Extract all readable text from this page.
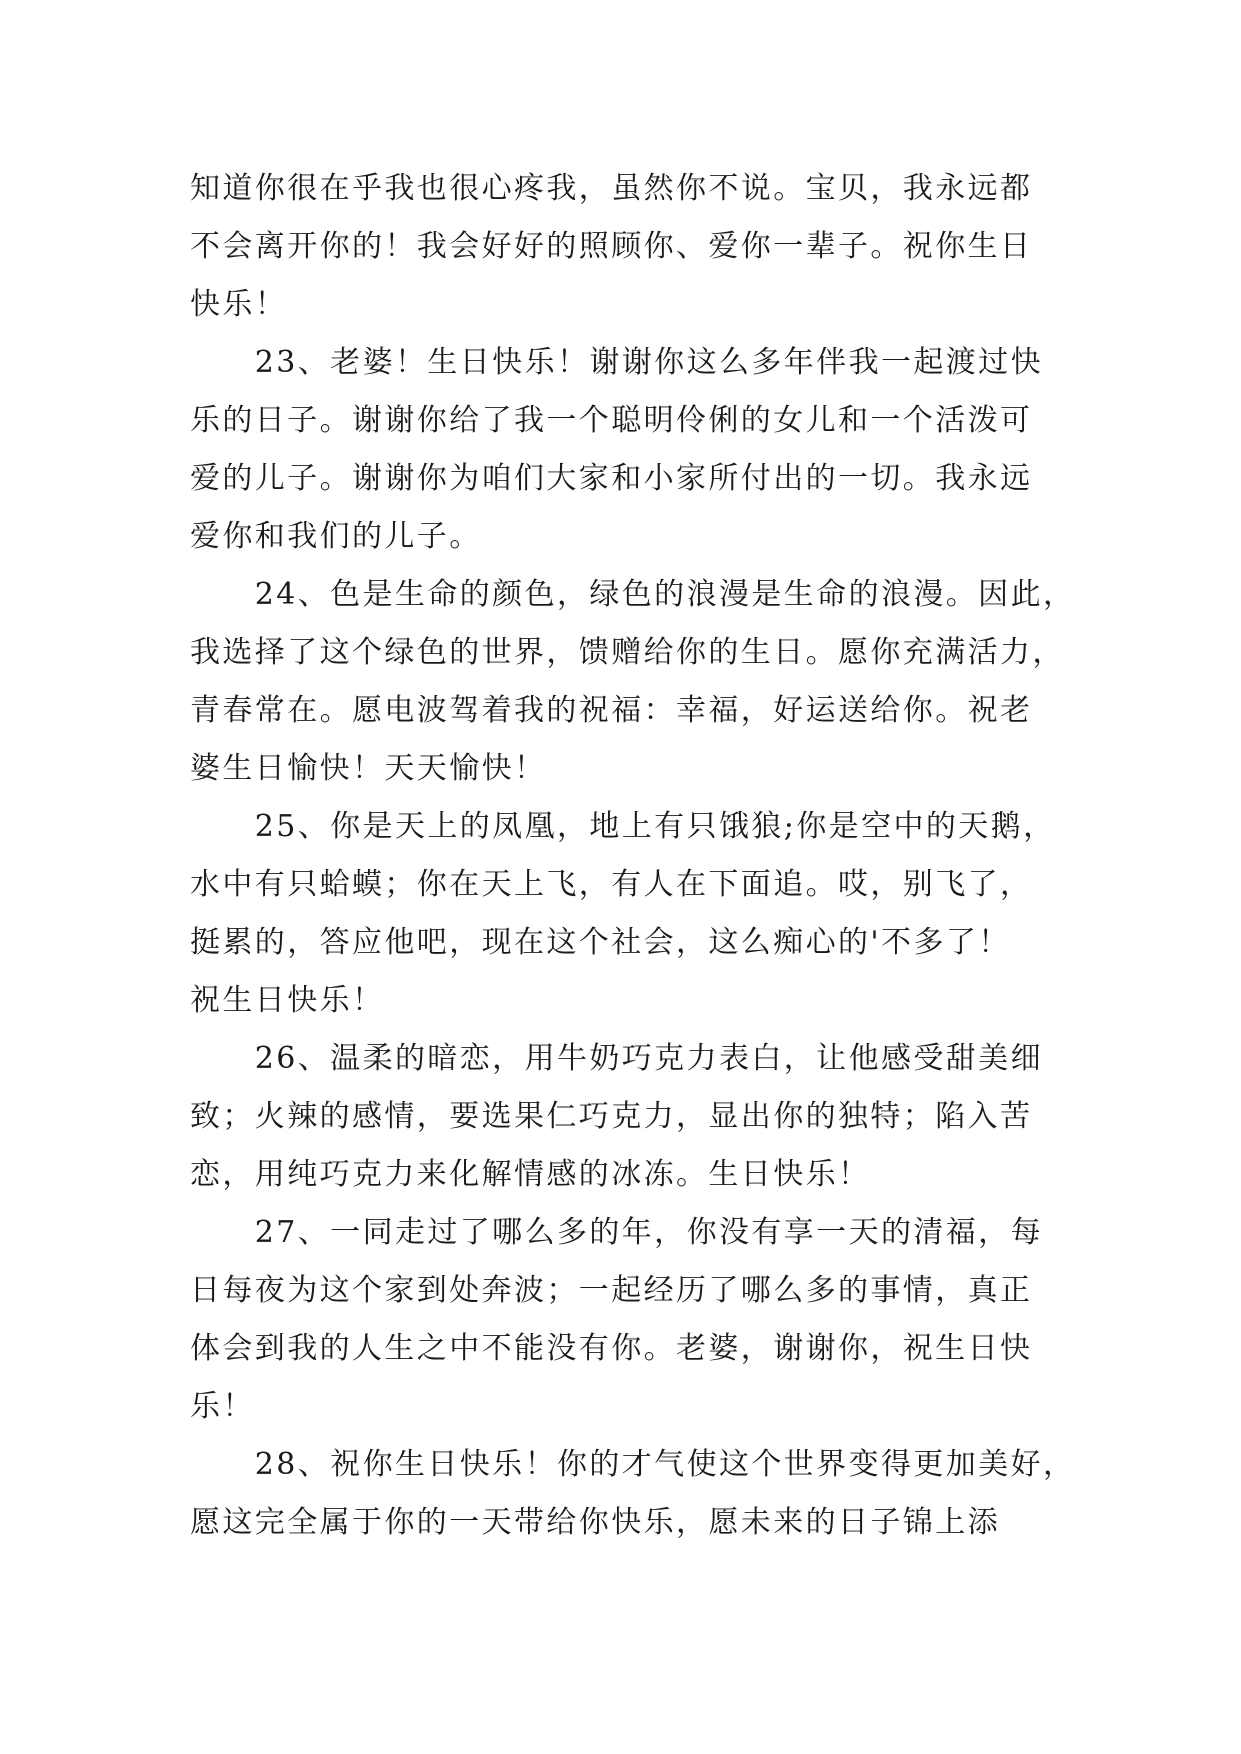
知道你很在乎我也很心疼我，虽然你不说。宝贝，我永远都
不会离开你的！我会好好的照顾你、爱你一辈子。祝你生日
快乐！
　　23、老婆！生日快乐！谢谢你这么多年伴我一起渡过快
乐的日子。谢谢你给了我一个聪明伶俐的女儿和一个活泼可
爱的儿子。谢谢你为咱们大家和小家所付出的一切。我永远
爱你和我们的儿子。
　　24、色是生命的颜色，绿色的浪漫是生命的浪漫。因此，
我选择了这个绿色的世界，馈赠给你的生日。愿你充满活力，
青春常在。愿电波驾着我的祝福：幸福，好运送给你。祝老
婆生日愉快！天天愉快！
　　25、你是天上的凤凰，地上有只饿狼;你是空中的天鹅，
水中有只蛤蟆；你在天上飞，有人在下面追。哎，别飞了，
挺累的，答应他吧，现在这个社会，这么痴心的'不多了！
祝生日快乐！
　　26、温柔的暗恋，用牛奶巧克力表白，让他感受甜美细
致；火辣的感情，要选果仁巧克力，显出你的独特；陷入苦
恋，用纯巧克力来化解情感的冰冻。生日快乐！
　　27、一同走过了哪么多的年，你没有享一天的清福，每
日每夜为这个家到处奔波；一起经历了哪么多的事情，真正
体会到我的人生之中不能没有你。老婆，谢谢你，祝生日快
乐！
　　28、祝你生日快乐！你的才气使这个世界变得更加美好，
愿这完全属于你的一天带给你快乐，愿未来的日子锦上添
